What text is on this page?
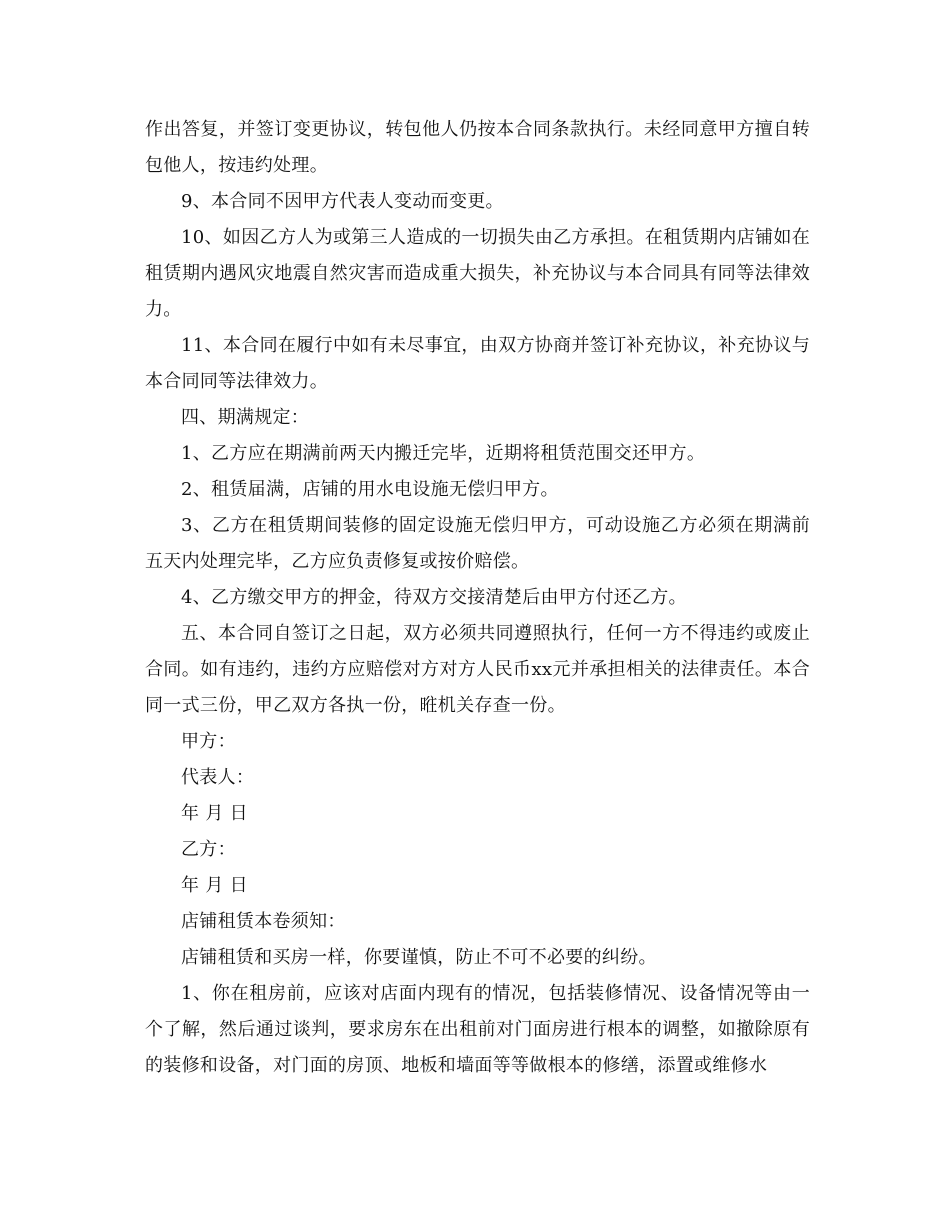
作出答复，并签订变更协议，转包他人仍按本合同条款执行。未经同意甲方擅自转包他人，按违约处理。

9、本合同不因甲方代表人变动而变更。

10、如因乙方人为或第三人造成的一切损失由乙方承担。在租赁期内店铺如在租赁期内遇风灾地震自然灾害而造成重大损失，补充协议与本合同具有同等法律效力。

11、本合同在履行中如有未尽事宜，由双方协商并签订补充协议，补充协议与本合同同等法律效力。

四、期满规定：

1、乙方应在期满前两天内搬迁完毕，近期将租赁范围交还甲方。

2、租赁届满，店铺的用水电设施无偿归甲方。

3、乙方在租赁期间装修的固定设施无偿归甲方，可动设施乙方必须在期满前五天内处理完毕，乙方应负责修复或按价赔偿。

4、乙方缴交甲方的押金，待双方交接清楚后由甲方付还乙方。

五、本合同自签订之日起，双方必须共同遵照执行，任何一方不得违约或废止合同。如有违约，违约方应赔偿对方对方人民币xx元并承担相关的法律责任。本合同一式三份，甲乙双方各执一份，暀机关存查一份。

甲方：

代表人：

年 月 日

乙方：

年 月 日

店铺租赁本卷须知：

店铺租赁和买房一样，你要谨慎，防止不可不必要的纠纷。

1、你在租房前，应该对店面内现有的情况，包括装修情况、设备情况等由一个了解，然后通过谈判，要求房东在出租前对门面房进行根本的调整，如撤除原有的装修和设备，对门面的房顶、地板和墙面等等做根本的修缮，添置或维修水
